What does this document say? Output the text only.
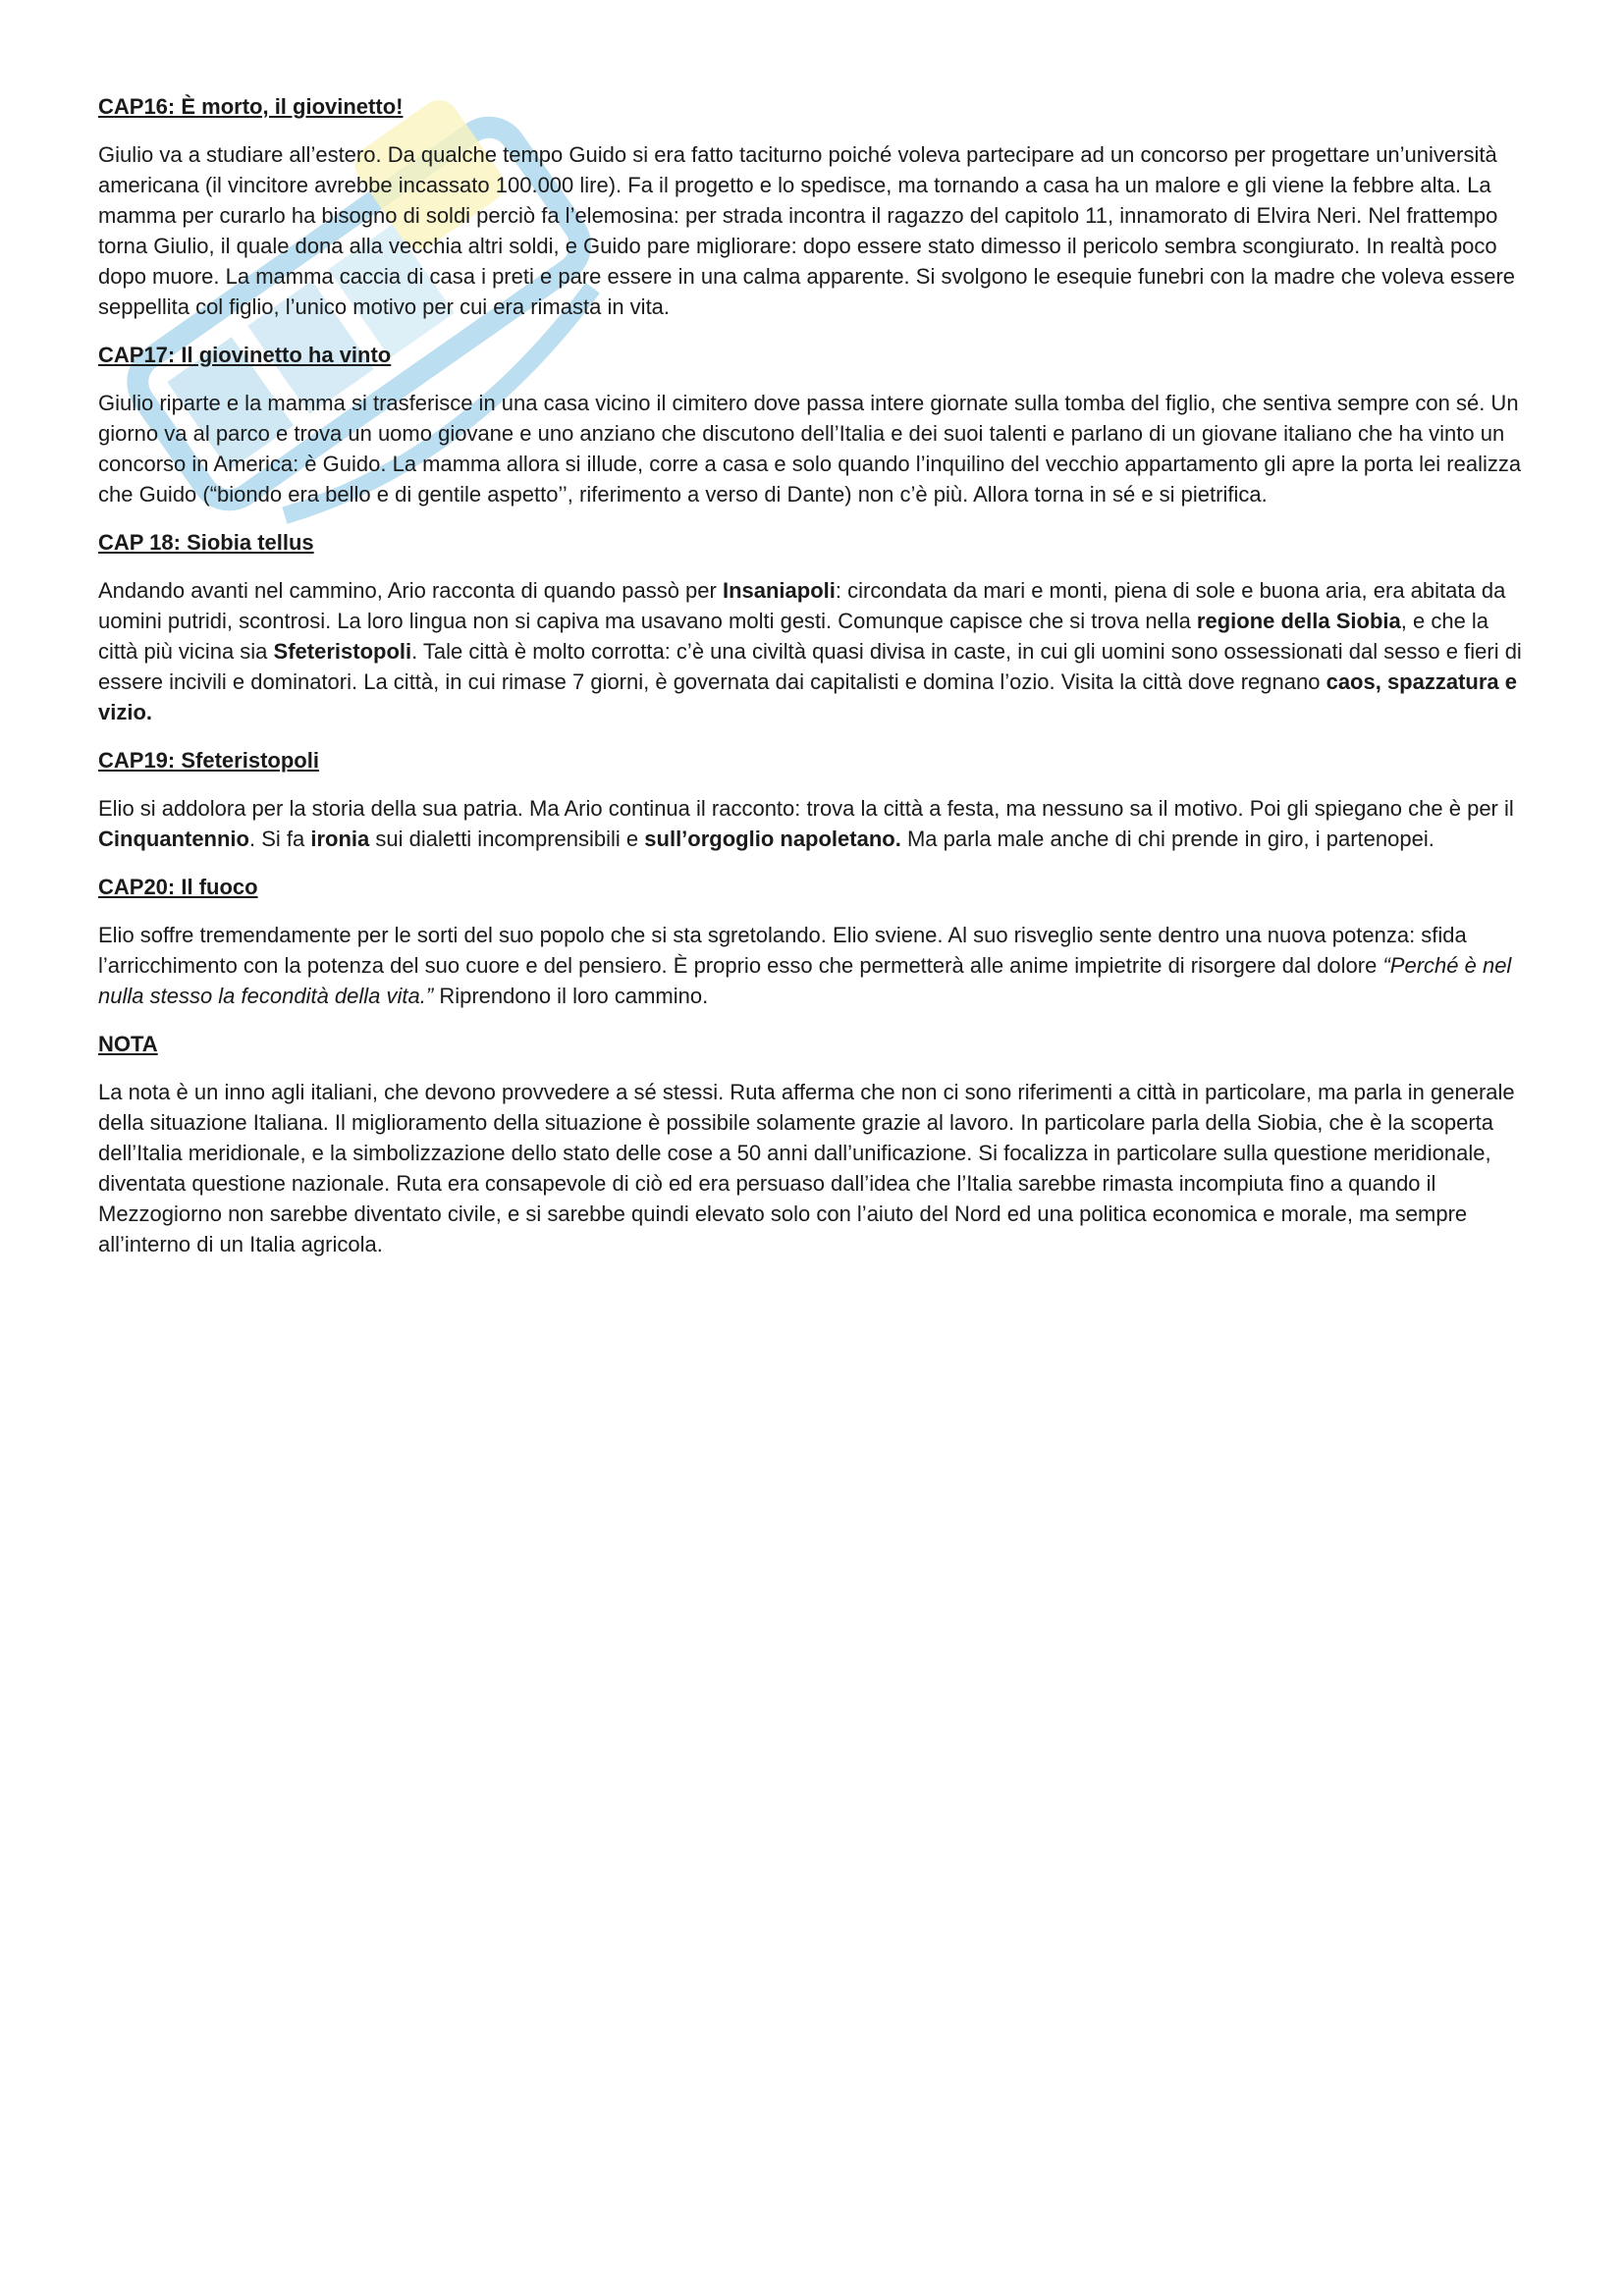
CAP16: È morto, il giovinetto!
Giulio va a studiare all’estero. Da qualche tempo Guido si era fatto taciturno poiché voleva partecipare ad un concorso per progettare un’università americana (il vincitore avrebbe incassato 100.000 lire). Fa il progetto e lo spedisce, ma tornando a casa ha un malore e gli viene la febbre alta. La mamma per curarlo ha bisogno di soldi perciò fa l’elemosina: per strada incontra il ragazzo del capitolo 11, innamorato di Elvira Neri. Nel frattempo torna Giulio, il quale dona alla vecchia altri soldi, e Guido pare migliorare: dopo essere stato dimesso il pericolo sembra scongiurato. In realtà poco dopo muore. La mamma caccia di casa i preti e pare essere in una calma apparente. Si svolgono le esequie funebri con la madre che voleva essere seppellita col figlio, l’unico motivo per cui era rimasta in vita.
CAP17: Il giovinetto ha vinto
Giulio riparte e la mamma si trasferisce in una casa vicino il cimitero dove passa intere giornate sulla tomba del figlio, che sentiva sempre con sé. Un giorno va al parco e trova un uomo giovane e uno anziano che discutono dell’Italia e dei suoi talenti e parlano di un giovane italiano che ha vinto un concorso in America: è Guido. La mamma allora si illude, corre a casa e solo quando l’inquilino del vecchio appartamento gli apre la porta lei realizza che Guido (“biondo era bello e di gentile aspetto’’, riferimento a verso di Dante) non c’è più. Allora torna in sé e si pietrifica.
CAP 18: Siobia tellus
Andando avanti nel cammino, Ario racconta di quando passò per Insaniapoli: circondata da mari e monti, piena di sole e buona aria, era abitata da uomini putridi, scontrosi. La loro lingua non si capiva ma usavano molti gesti. Comunque capisce che si trova nella regione della Siobia, e che la città più vicina sia Sfeteristopoli. Tale città è molto corrotta: c’è una civiltà quasi divisa in caste, in cui gli uomini sono ossessionati dal sesso e fieri di essere incivili e dominatori. La città, in cui rimase 7 giorni, è governata dai capitalisti e domina l’ozio. Visita la città dove regnano caos, spazzatura e vizio.
CAP19: Sfeteristopoli
Elio si addolora per la storia della sua patria. Ma Ario continua il racconto: trova la città a festa, ma nessuno sa il motivo. Poi gli spiegano che è per il Cinquantennio. Si fa ironia sui dialetti incomprensibili e sull’orgoglio napoletano. Ma parla male anche di chi prende in giro, i partenopei.
CAP20: Il fuoco
Elio soffre tremendamente per le sorti del suo popolo che si sta sgretolando. Elio sviene. Al suo risveglio sente dentro una nuova potenza: sfida l’arricchimento con la potenza del suo cuore e del pensiero. È proprio esso che permetterà alle anime impietrite di risorgere dal dolore “Perché è nel nulla stesso la fecondità della vita.” Riprendono il loro cammino.
NOTA
La nota è un inno agli italiani, che devono provvedere a sé stessi. Ruta afferma che non ci sono riferimenti a città in particolare, ma parla in generale della situazione Italiana. Il miglioramento della situazione è possibile solamente grazie al lavoro. In particolare parla della Siobia, che è la scoperta dell’Italia meridionale, e la simbolizzazione dello stato delle cose a 50 anni dall’unificazione. Si focalizza in particolare sulla questione meridionale, diventata questione nazionale. Ruta era consapevole di ciò ed era persuaso dall’idea che l’Italia sarebbe rimasta incompiuta fino a quando il Mezzogiorno non sarebbe diventato civile, e si sarebbe quindi elevato solo con l’aiuto del Nord ed una politica economica e morale, ma sempre all’interno di un Italia agricola.
